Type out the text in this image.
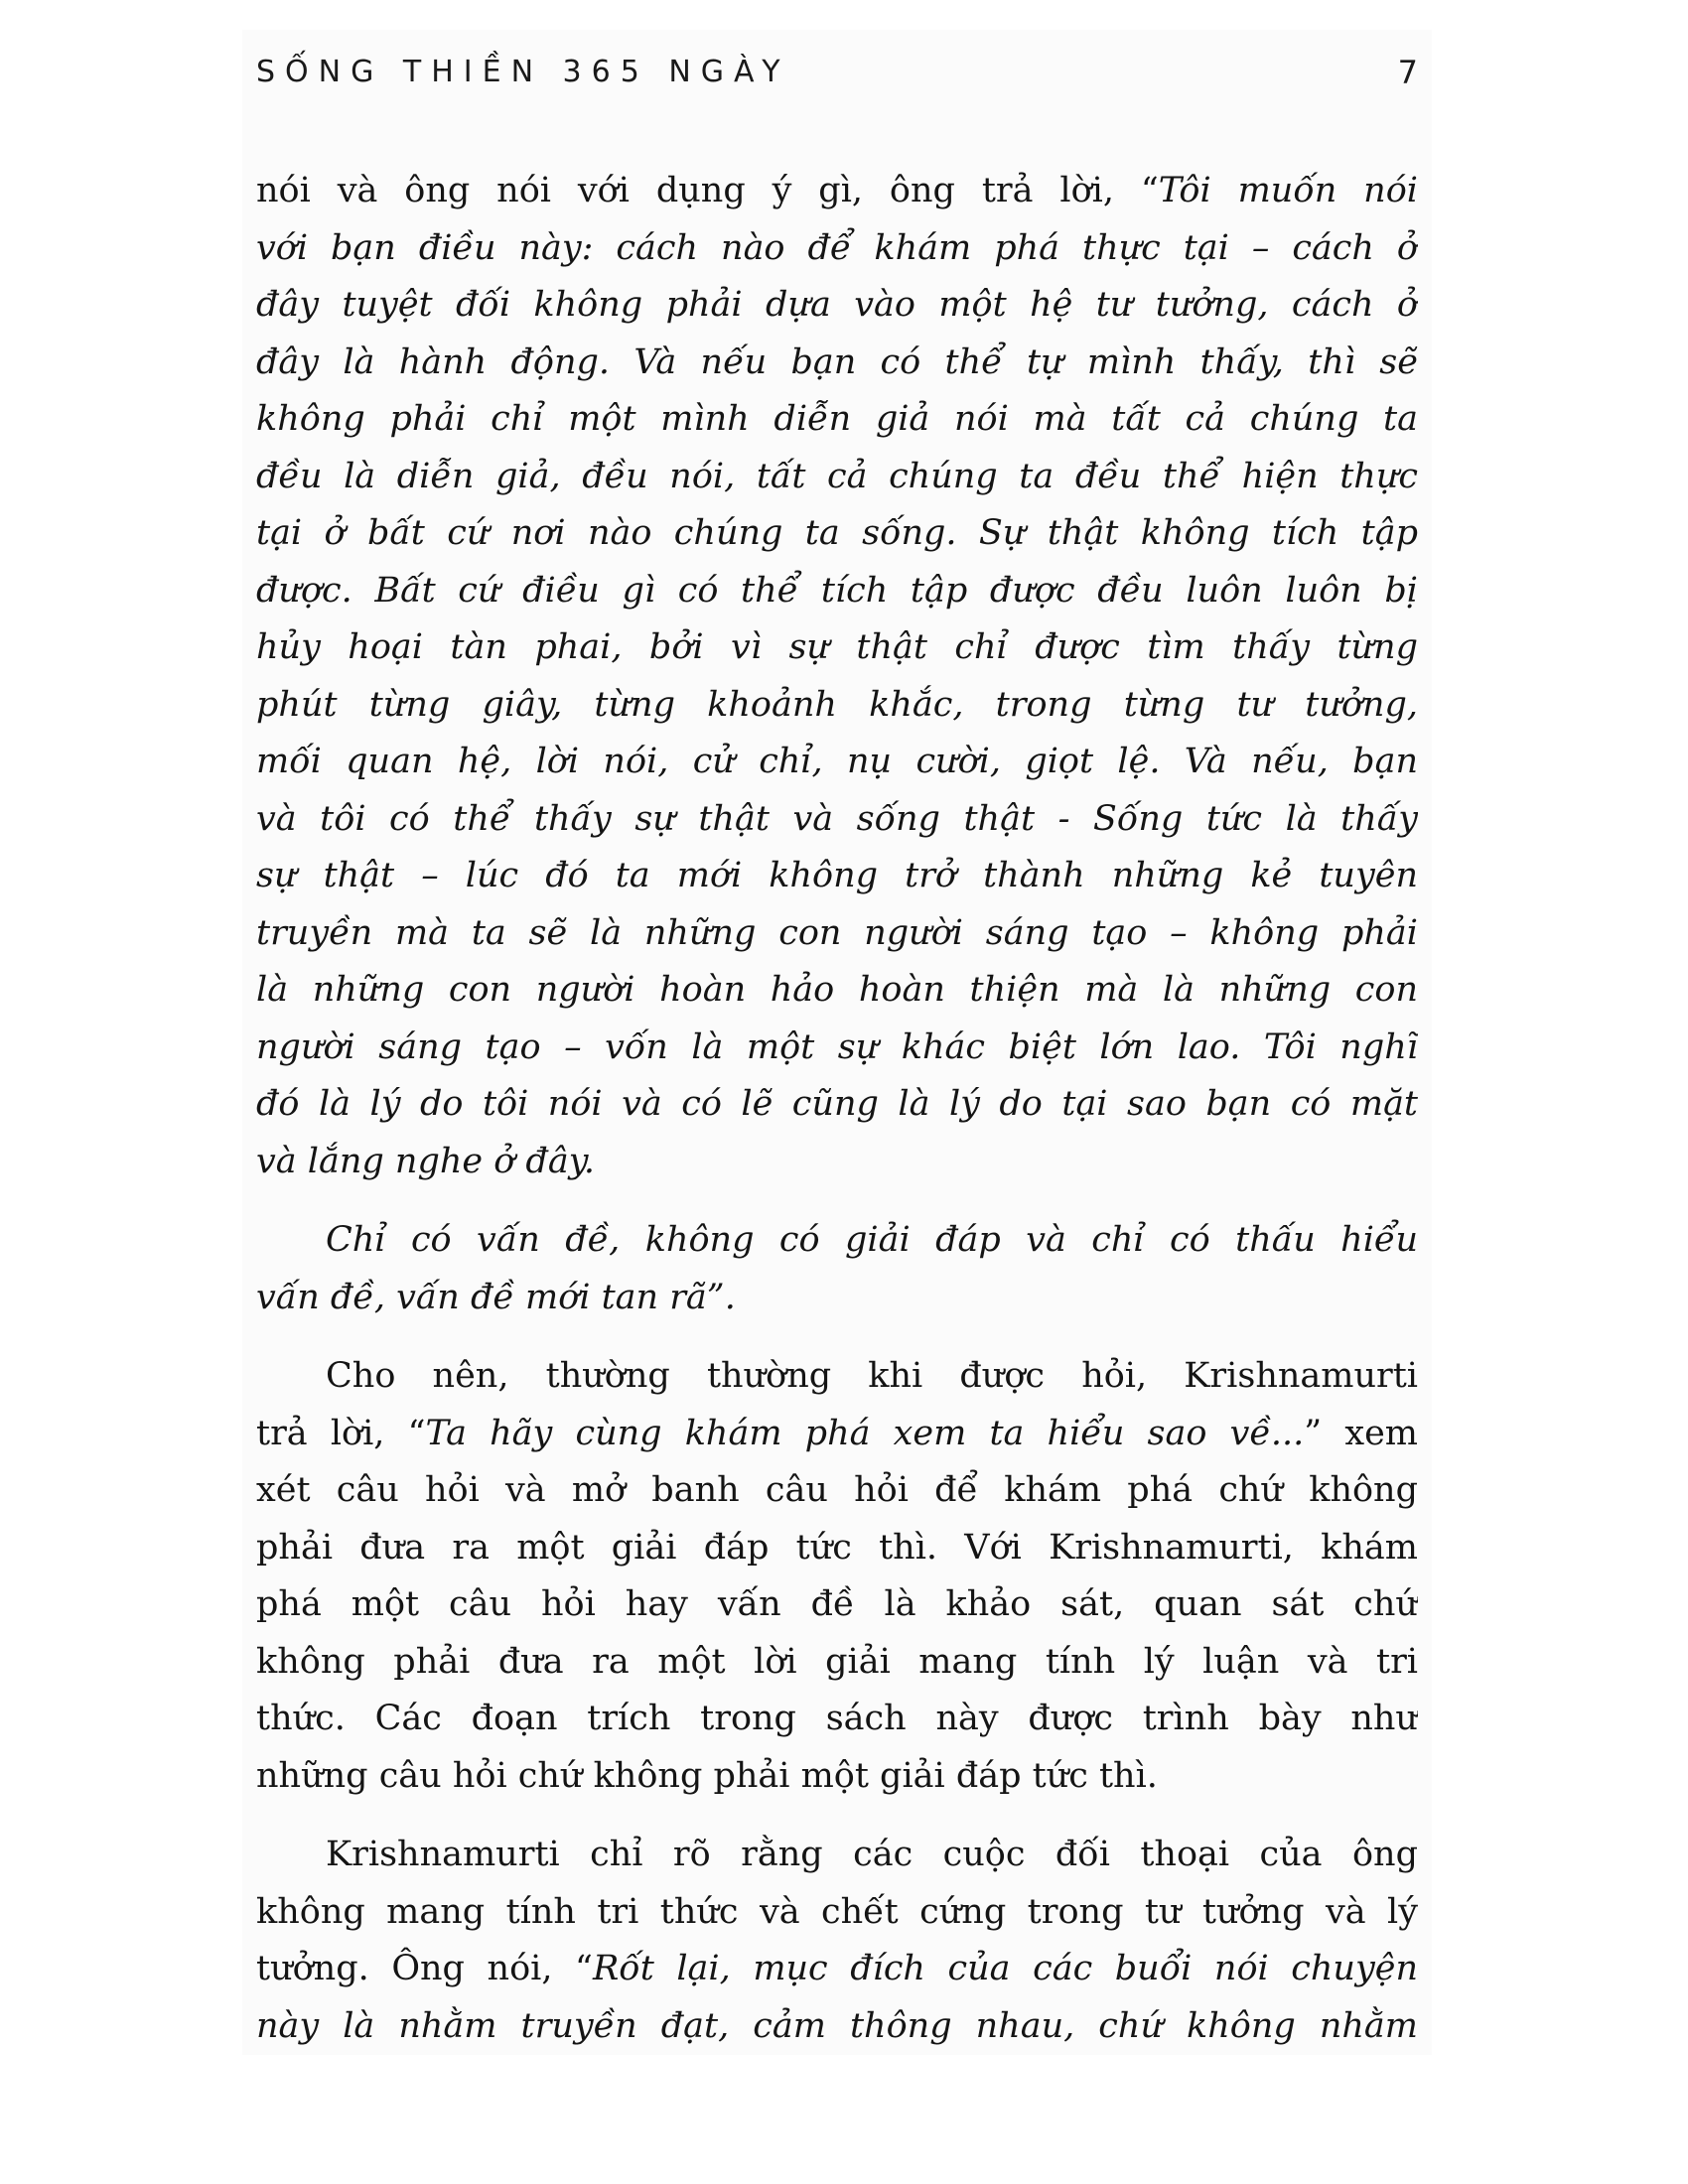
SỐNG THIỀN 365 NGÀY	7
nói và ông nói với dụng ý gì, ông trả lời, “Tôi muốn nói
với bạn điều này: cách nào để khám phá thực tại – cách ở
đây tuyệt đối không phải dựa vào một hệ tư tưởng, cách ở
đây là hành động. Và nếu bạn có thể tự mình thấy, thì sẽ
không phải chỉ một mình diễn giả nói mà tất cả chúng ta
đều là diễn giả, đều nói, tất cả chúng ta đều thể hiện thực
tại ở bất cứ nơi nào chúng ta sống. Sự thật không tích tập
được. Bất cứ điều gì có thể tích tập được đều luôn luôn bị
hủy hoại tàn phai, bởi vì sự thật chỉ được tìm thấy từng
phút từng giây, từng khoảnh khắc, trong từng tư tưởng,
mối quan hệ, lời nói, cử chỉ, nụ cười, giọt lệ. Và nếu, bạn
và tôi có thể thấy sự thật và sống thật - Sống tức là thấy
sự thật – lúc đó ta mới không trở thành những kẻ tuyên
truyền mà ta sẽ là những con người sáng tạo – không phải
là những con người hoàn hảo hoàn thiện mà là những con
người sáng tạo – vốn là một sự khác biệt lớn lao. Tôi nghĩ
đó là lý do tôi nói và có lẽ cũng là lý do tại sao bạn có mặt
và lắng nghe ở đây.
Chỉ có vấn đề, không có giải đáp và chỉ có thấu hiểu
vấn đề, vấn đề mới tan rã”.
Cho nên, thường thường khi được hỏi, Krishnamurti
trả lời, “Ta hãy cùng khám phá xem ta hiểu sao về...” xem
xét câu hỏi và mở banh câu hỏi để khám phá chứ không
phải đưa ra một giải đáp tức thì. Với Krishnamurti, khám
phá một câu hỏi hay vấn đề là khảo sát, quan sát chứ
không phải đưa ra một lời giải mang tính lý luận và tri
thức. Các đoạn trích trong sách này được trình bày như
những câu hỏi chứ không phải một giải đáp tức thì.
Krishnamurti chỉ rõ rằng các cuộc đối thoại của ông
không mang tính tri thức và chết cứng trong tư tưởng và lý
tưởng. Ông nói, “Rốt lại, mục đích của các buổi nói chuyện
này là nhằm truyền đạt, cảm thông nhau, chứ không nhằm
